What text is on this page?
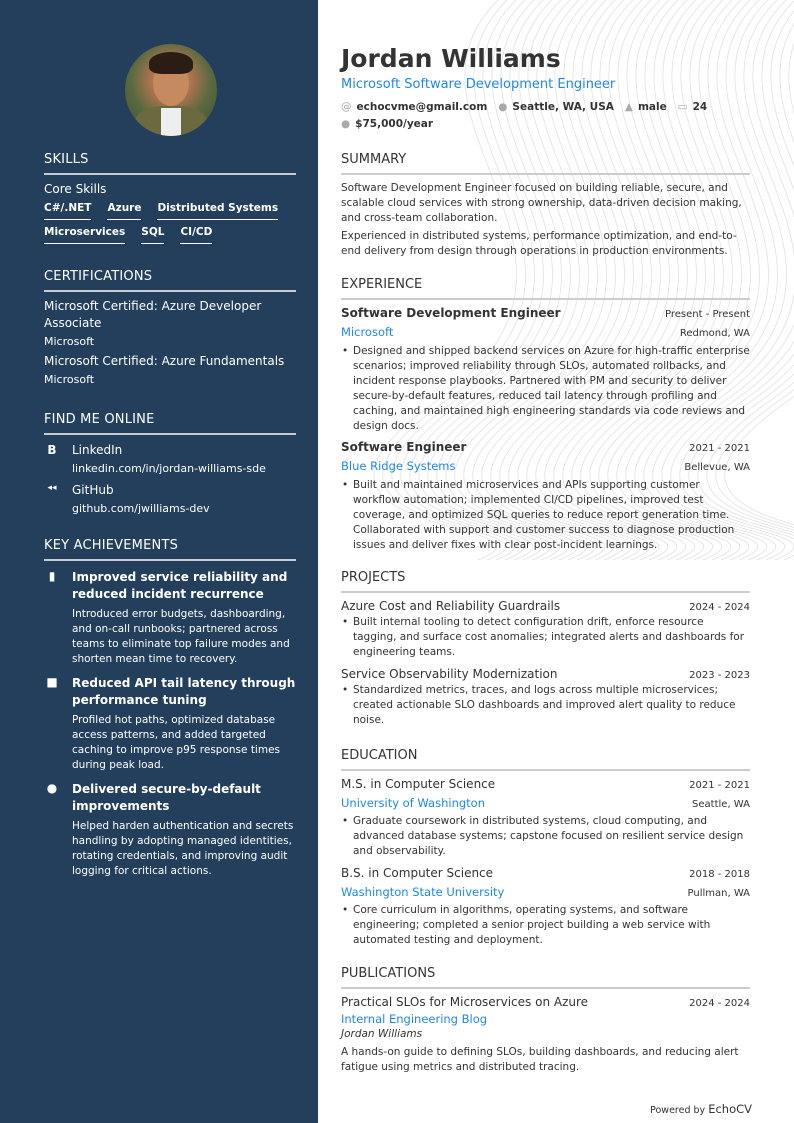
SKILLS
Core Skills
C#/.NET Azure Distributed Systems
Microservices SQL CI/CD
CERTIFICATIONS
Microsoft Certified: Azure Developer Associate
Microsoft
Microsoft Certified: Azure Fundamentals
Microsoft
FIND ME ONLINE
B LinkedIn
linkedin.com/in/jordan-williams-sde
◂◂ GitHub
github.com/jwilliams-dev
KEY ACHIEVEMENTS
▮	Improved service reliability and reduced incident recurrence

Introduced error budgets, dashboarding, and on-call runbooks; partnered across teams to eliminate top failure modes and shorten mean time to recovery.

■ Reduced API tail latency through performance tuning

Profiled hot paths, optimized database access patterns, and added targeted caching to improve p95 response times during peak load.

● Delivered secure-by-default improvements

Helped harden authentication and secrets handling by adopting managed identities, rotating credentials, and improving audit logging for critical actions.

Jordan Williams
Microsoft Software Development Engineer
@ echocvme@gmail.com ● Seattle, WA, USA ▲ male ▭ 24
● $75,000/year
SUMMARY

Software Development Engineer focused on building reliable, secure, and scalable cloud services with strong ownership, data-driven decision making, and cross-team collaboration.

Experienced in distributed systems, performance optimization, and end-to-end delivery from design through operations in production environments.

EXPERIENCE
Software Development Engineer	Present - Present
Microsoft	Redmond, WA
• Designed and shipped backend services on Azure for high-traffic enterprise scenarios; improved reliability through SLOs, automated rollbacks, and incident response playbooks. Partnered with PM and security to deliver secure-by-default features, reduced tail latency through profiling and caching, and maintained high engineering standards via code reviews and design docs.
Software Engineer	2021 - 2021
Blue Ridge Systems	Bellevue, WA
• Built and maintained microservices and APIs supporting customer workflow automation; implemented CI/CD pipelines, improved test coverage, and optimized SQL queries to reduce report generation time. Collaborated with support and customer success to diagnose production issues and deliver fixes with clear post-incident learnings.
PROJECTS
Azure Cost and Reliability Guardrails	2024 - 2024
• Built internal tooling to detect configuration drift, enforce resource tagging, and surface cost anomalies; integrated alerts and dashboards for engineering teams.
Service Observability Modernization	2023 - 2023
• Standardized metrics, traces, and logs across multiple microservices; created actionable SLO dashboards and improved alert quality to reduce noise.
EDUCATION
M.S. in Computer Science	2021 - 2021
University of Washington	Seattle, WA
• Graduate coursework in distributed systems, cloud computing, and advanced database systems; capstone focused on resilient service design and observability.
B.S. in Computer Science	2018 - 2018
Washington State University	Pullman, WA
• Core curriculum in algorithms, operating systems, and software engineering; completed a senior project building a web service with automated testing and deployment.
PUBLICATIONS
Practical SLOs for Microservices on Azure	2024 - 2024
Internal Engineering Blog
Jordan Williams
A hands-on guide to defining SLOs, building dashboards, and reducing alert fatigue using metrics and distributed tracing.
Powered by EchoCV
